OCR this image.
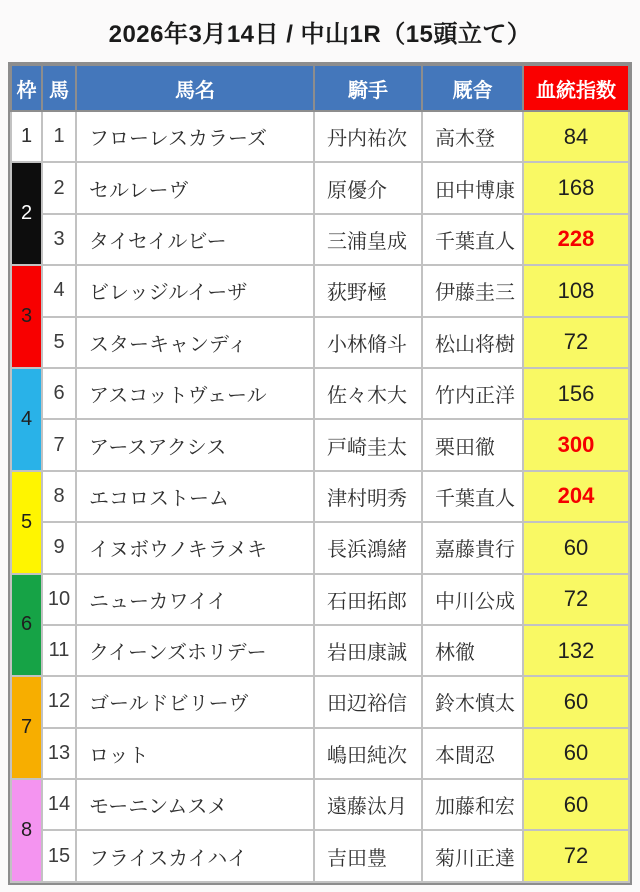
2026年3月14日 / 中山1R（15頭立て）
枠	馬	馬名	騎手	厩舎	血統指数
1	1	フローレスカラーズ	丹内祐次	高木登	84
2	2	セルレーヴ	原優介	田中博康	168
	3	タイセイルビー	三浦皇成	千葉直人	228
3	4	ビレッジルイーザ	荻野極	伊藤圭三	108
	5	スターキャンディ	小林脩斗	松山将樹	72
4	6	アスコットヴェール	佐々木大	竹内正洋	156
	7	アースアクシス	戸崎圭太	栗田徹	300
5	8	エコロストーム	津村明秀	千葉直人	204
	9	イヌボウノキラメキ	長浜鴻緒	嘉藤貴行	60
6	10	ニューカワイイ	石田拓郎	中川公成	72
	11	クイーンズホリデー	岩田康誠	林徹	132
7	12	ゴールドビリーヴ	田辺裕信	鈴木慎太	60
	13	ロット	嶋田純次	本間忍	60
8	14	モーニンムスメ	遠藤汰月	加藤和宏	60
	15	フライスカイハイ	吉田豊	菊川正達	72
